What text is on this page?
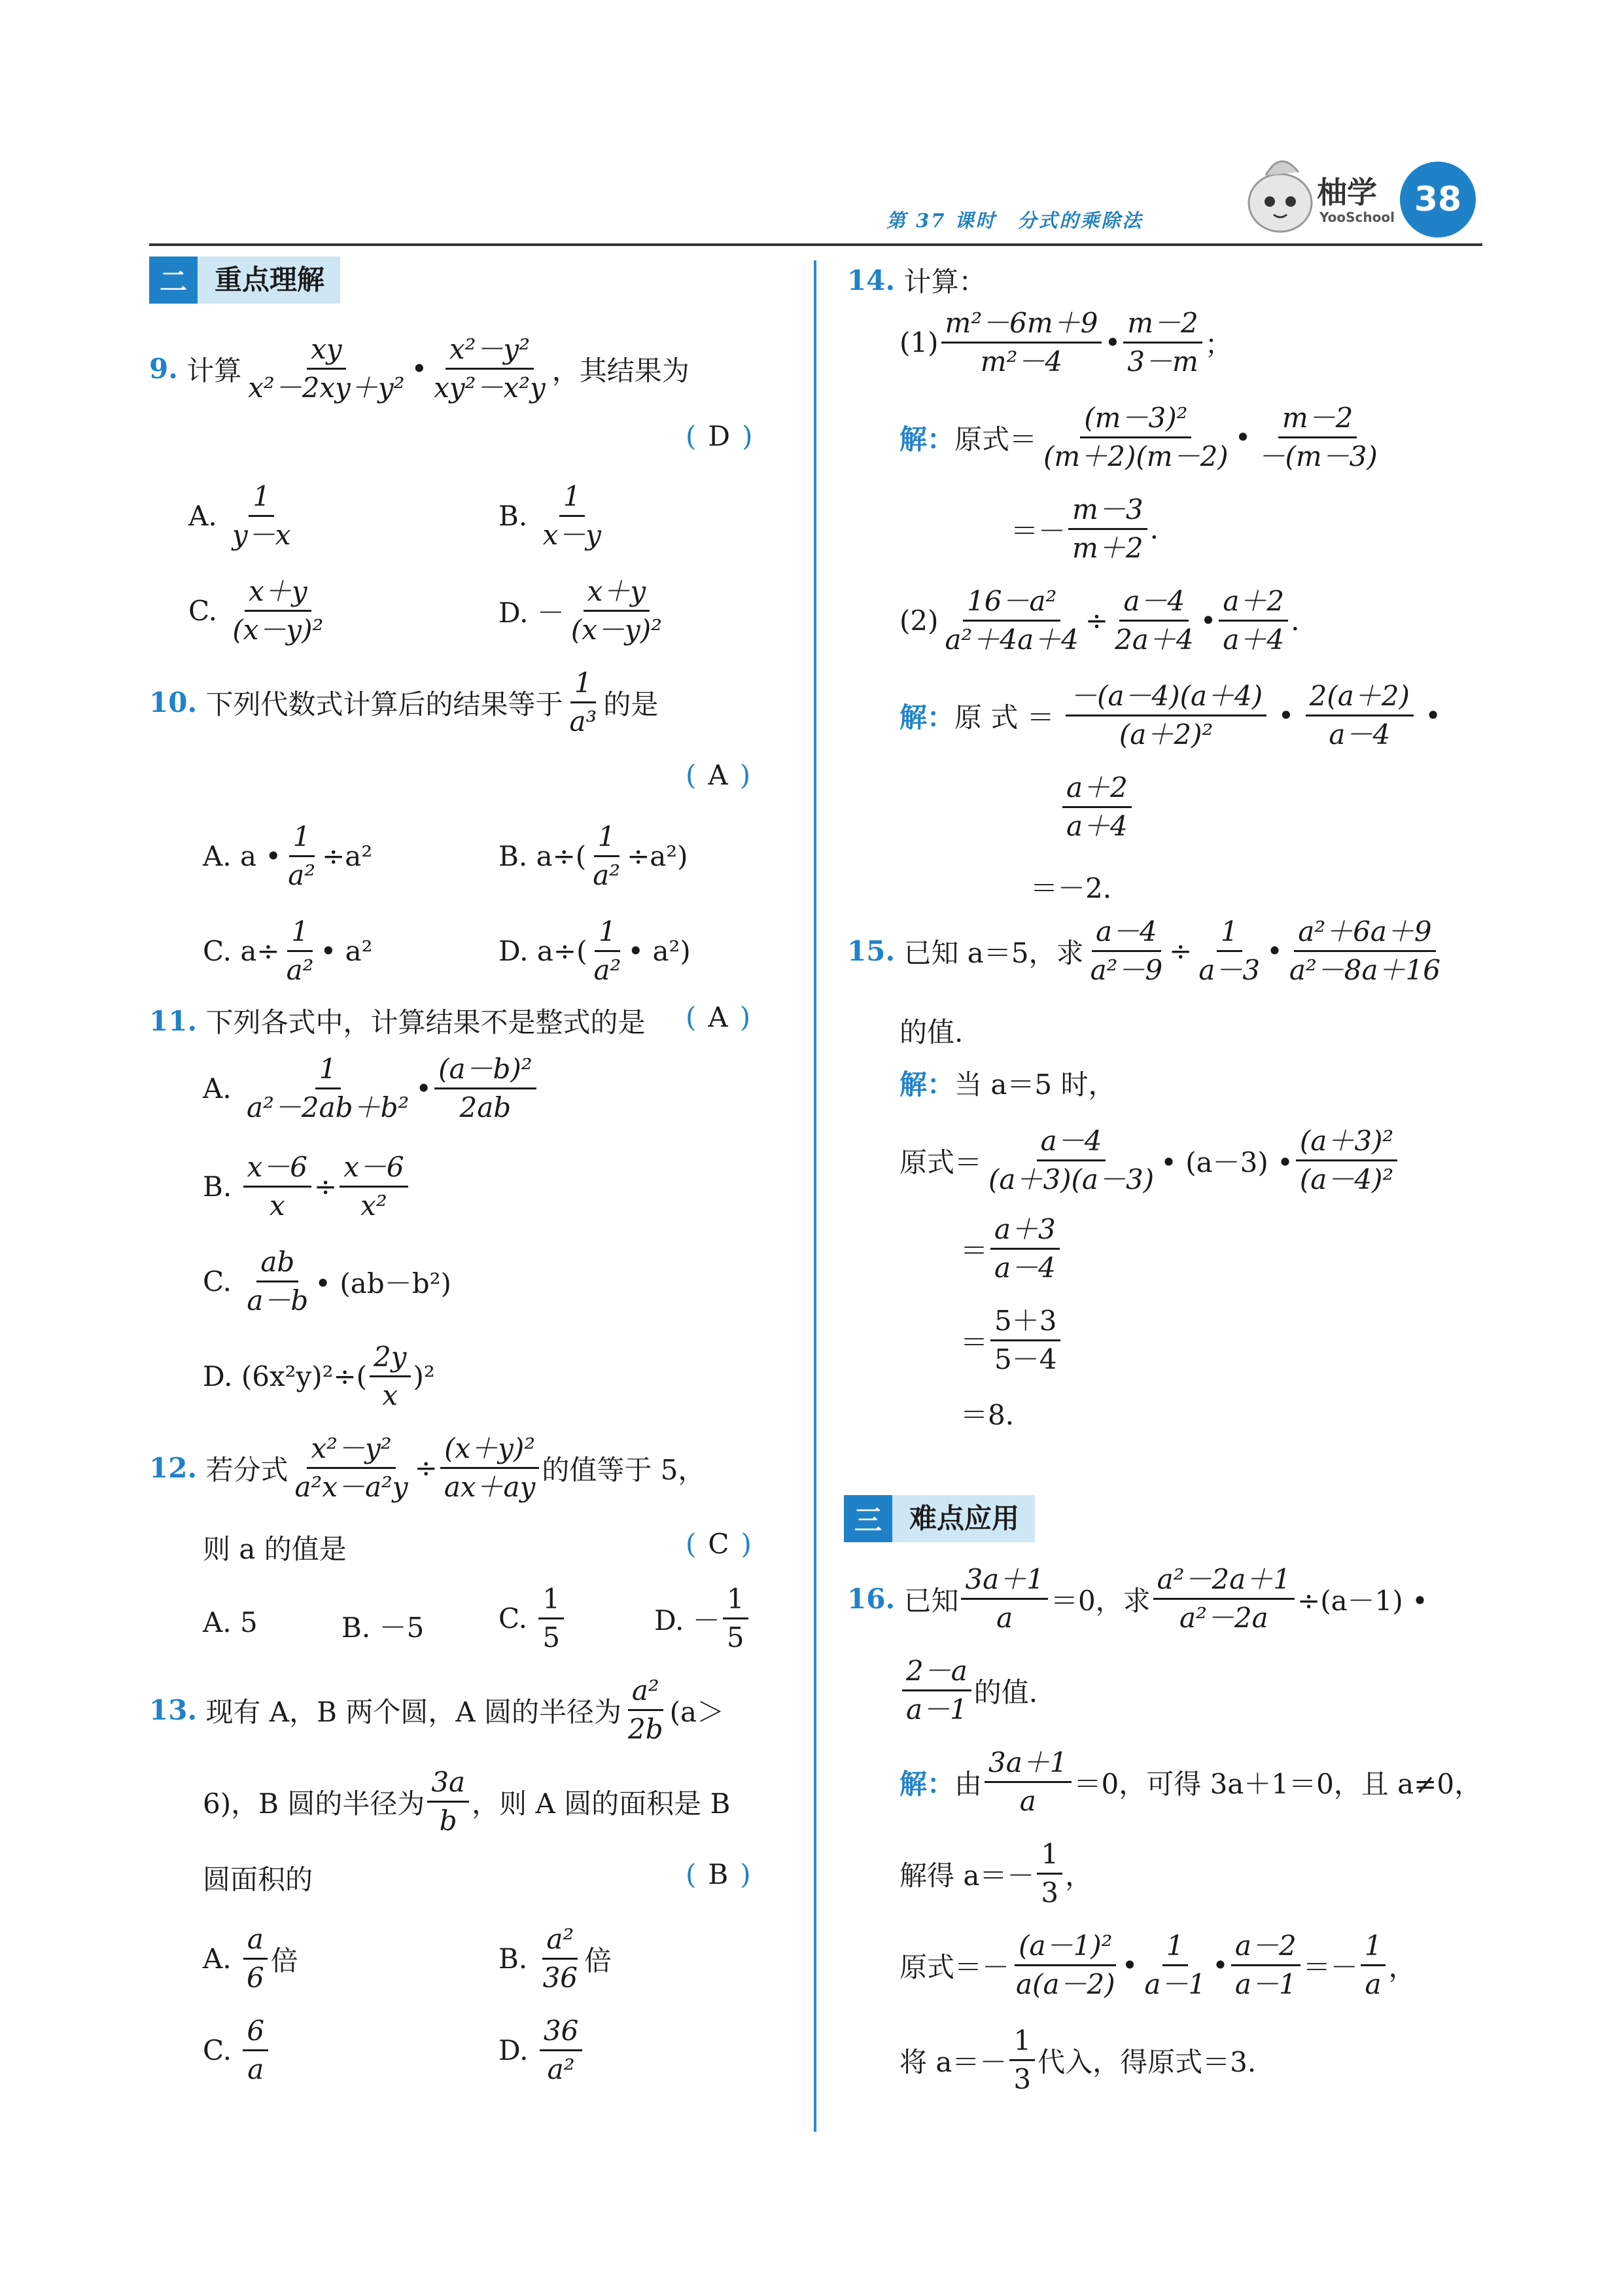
第 37 课时　分式的乘除法
柚学
YooSchool 38
二	重点理解
9.
计算
xy
x²－2xy＋y²
•
x²－y²
xy²－x²y
，其结果为
( D )
A.

1
y－x
B.

1
x－y
C.

x＋y
(x－y)²
D. －
x＋y
(x－y)²
10.
下列代数式计算后的结果等于
1
a³
的是
( A )
A. a • $\frac{1}{\text{a²}} \div a^2$	B. $a\div( \frac{1}{\text{a²}} \div a^2)$
C. $a\div \frac{1}{\text{a²}}$ • a²	D. a÷(
1
a²
• a²)
11.
下列各式中，计算结果不是整式的是 ( A )
A.

1
a²－2ab＋b²
•
(a－b)²
2ab
B.
$\frac{x-6}{x} \div \frac{x-6}{\text{x²}}$
C.

ab
a－b
• (ab－b²)
D. (6x²y)²÷(
2y
x
)²
12.
若分式 $\frac{\text{x²－y²}}{\text{a²x－a²y}} \div \frac{\text{(x＋y)²}}{ax+ay}$ 的值等于 5，
则 a 的值是	( C )
A. 5	B. －5	C.

1
5
D. －
1
5
13.
现有 A，B 两个圆，A 圆的半径为
a²
2b
(a＞
6)，B 圆的半径为
3a
b
，则 A 圆的面积是 B
圆面积的	( B )
A.

a
6
倍	B.

a²
36
倍
C.

6
a
D.

36
a²
14.
计算：
(1)
m²－6m＋9
m²－4
•
m－2
3－m
；
解： 原式＝
(m－3)²
(m＋2)(m－2)
•
m－2
－(m－3)
＝－
m－3
m＋2
.
$(2) \frac{\text{16－a²}}{\text{a²＋4a＋4}} \div \frac{a-4}{2a+4}$ •
a＋2
a＋4
.
解： 原 式 ＝

－(a－4)(a＋4)
(a＋2)²

•

2(a＋2)
a－4

•
a＋2
a＋4
＝－2.
15.
已知 a＝5，求 $\frac{a-4}{\text{a²－9}} \div \frac{1}{a-3}$ •
a²＋6a＋9
a²－8a＋16
的值.
解： 当 a＝5 时，
原式＝
a－4
(a＋3)(a－3)
• (a－3) •
(a＋3)²
(a－4)²
＝
a＋3
a－4
＝
5＋3
5－4
＝8.
三	难点应用
16.
已知
3a＋1
a
＝0，求 $\frac{\text{a²－2a＋1}}{\text{a²－2a}} \div(a-1)$ •
2－a
a－1
的值.
解： 由
3a＋1
a
＝0，可得 3a＋1＝0，且 a≠0，
解得 a＝－
1
3
，
原式＝－
(a－1)²
a(a－2)
•
1
a－1
•
a－2
a－1
＝－
1
a
，
将 a＝－
1
3
代入，得原式＝3.
